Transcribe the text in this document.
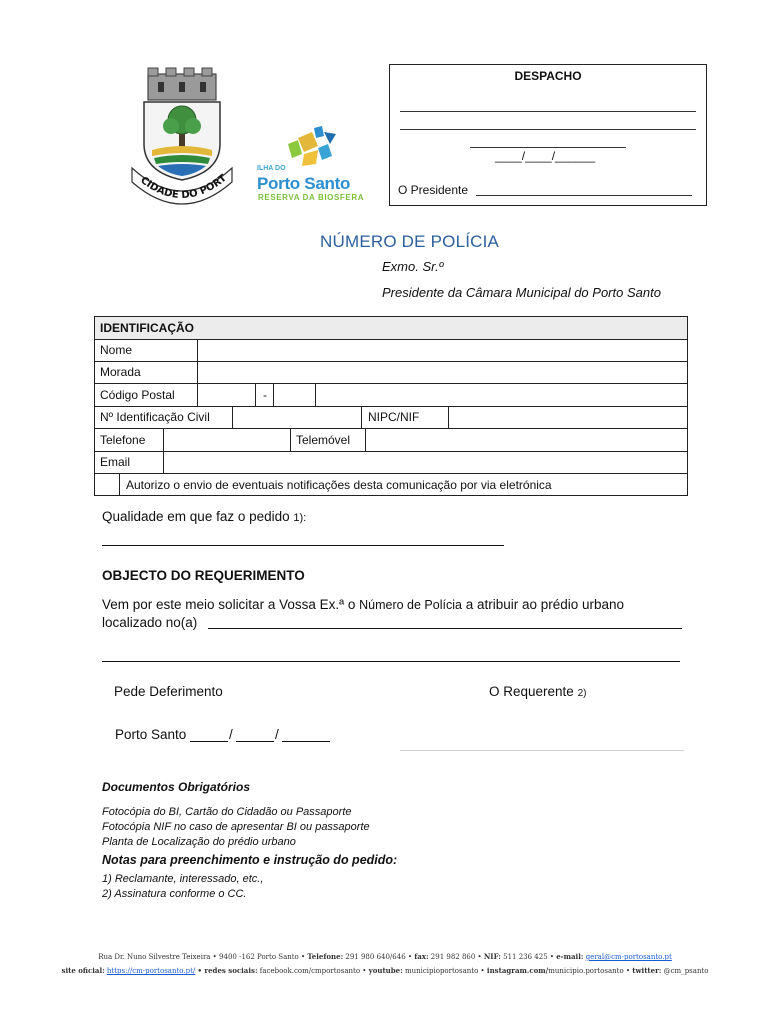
CIDADE DO PORT
ILHA DO
Porto Santo
RESERVA DA BIOSFERA
DESPACHO
____/____/______
O Presidente
NÚMERO DE POLÍCIA
Exmo. Sr.º
Presidente da Câmara Municipal do Porto Santo
IDENTIFICAÇÃO
Nome
Morada
Código Postal	-
Nº Identificação Civil	NIPC/NIF
Telefone	Telemóvel
Email
Autorizo o envio de eventuais notificações desta comunicação por via eletrónica
Qualidade em que faz o pedido 1):
OBJECTO DO REQUERIMENTO
Vem por este meio solicitar a Vossa Ex.ª o Número de Polícia a atribuir ao prédio urbano
localizado no(a)
Pede Deferimento	O Requerente 2)
Porto Santo	/	/
Documentos Obrigatórios
Fotocópia do BI, Cartão do Cidadão ou Passaporte
Fotocópia NIF no caso de apresentar BI ou passaporte
Planta de Localização do prédio urbano
Notas para preenchimento e instrução do pedido:
1) Reclamante, interessado, etc.,
2) Assinatura conforme o CC.
Rua Dr. Nuno Silvestre Teixeira • 9400 -162 Porto Santo • Telefone: 291 980 640/646 • fax: 291 982 860 • NIF: 511 236 425 • e-mail: geral@cm-portosanto.pt
site oficial: https://cm-portosanto.pt/ • redes sociais: facebook.com/cmportosanto • youtube: municipioportosanto • instagram.com/municipio.portosanto • twitter: @cm_psanto
